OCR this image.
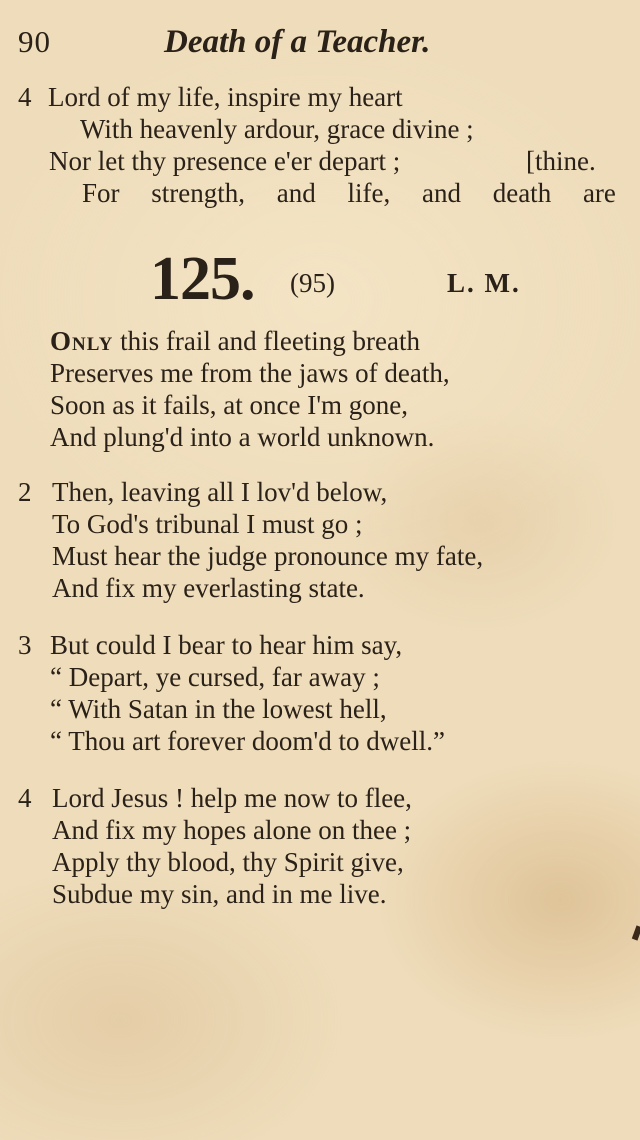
90	Death of a Teacher.
4 Lord of my life, inspire my heart
With heavenly ardour, grace divine ;
Nor let thy presence e'er depart ;	[thine.
For strength, and life, and death are
125. (95)	L. M.
Only this frail and fleeting breath
Preserves me from the jaws of death,
Soon as it fails, at once I'm gone,
And plung'd into a world unknown.
2 Then, leaving all I lov'd below,
To God's tribunal I must go ;
Must hear the judge pronounce my fate,
And fix my everlasting state.
3 But could I bear to hear him say,
“ Depart, ye cursed, far away ;
“ With Satan in the lowest hell,
“ Thou art forever doom'd to dwell.”
4 Lord Jesus ! help me now to flee,
And fix my hopes alone on thee ;
Apply thy blood, thy Spirit give,
Subdue my sin, and in me live.
